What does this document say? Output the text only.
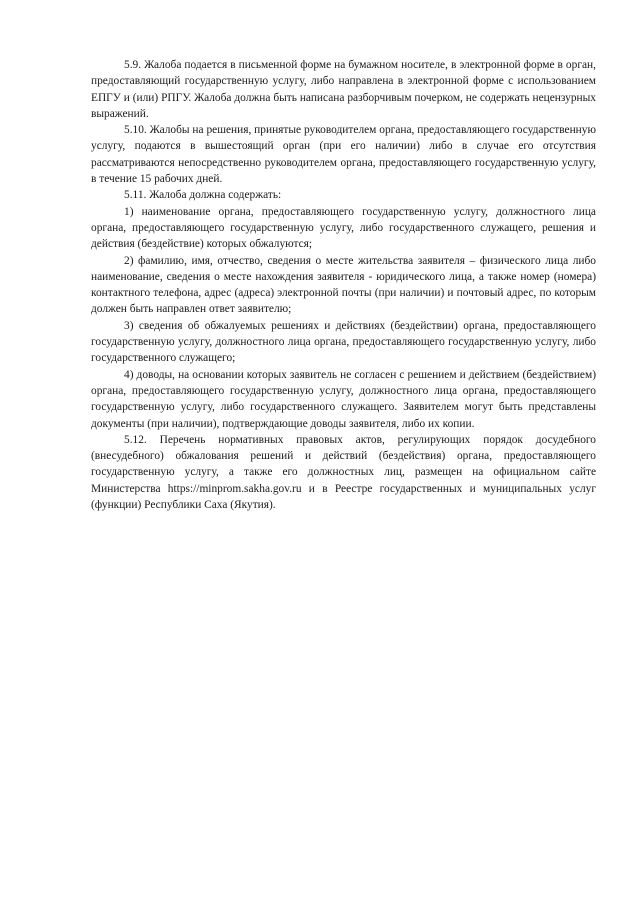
5.9. Жалоба подается в письменной форме на бумажном носителе, в электронной форме в орган, предоставляющий государственную услугу, либо направлена в электронной форме с использованием ЕПГУ и (или) РПГУ. Жалоба должна быть написана разборчивым почерком, не содержать нецензурных выражений.

5.10. Жалобы на решения, принятые руководителем органа, предоставляющего государственную услугу, подаются в вышестоящий орган (при его наличии) либо в случае его отсутствия рассматриваются непосредственно руководителем органа, предоставляющего государственную услугу, в течение 15 рабочих дней.

5.11. Жалоба должна содержать:

1) наименование органа, предоставляющего государственную услугу, должностного лица органа, предоставляющего государственную услугу, либо государственного служащего, решения и действия (бездействие) которых обжалуются;

2) фамилию, имя, отчество, сведения о месте жительства заявителя – физического лица либо наименование, сведения о месте нахождения заявителя - юридического лица, а также номер (номера) контактного телефона, адрес (адреса) электронной почты (при наличии) и почтовый адрес, по которым должен быть направлен ответ заявителю;

3) сведения об обжалуемых решениях и действиях (бездействии) органа, предоставляющего государственную услугу, должностного лица органа, предоставляющего государственную услугу, либо государственного служащего;

4) доводы, на основании которых заявитель не согласен с решением и действием (бездействием) органа, предоставляющего государственную услугу, должностного лица органа, предоставляющего государственную услугу, либо государственного служащего. Заявителем могут быть представлены документы (при наличии), подтверждающие доводы заявителя, либо их копии.

5.12. Перечень нормативных правовых актов, регулирующих порядок досудебного (внесудебного) обжалования решений и действий (бездействия) органа, предоставляющего государственную услугу, а также его должностных лиц, размещен на официальном сайте Министерства https://minprom.sakha.gov.ru и в Реестре государственных и муниципальных услуг (функции) Республики Саха (Якутия).
